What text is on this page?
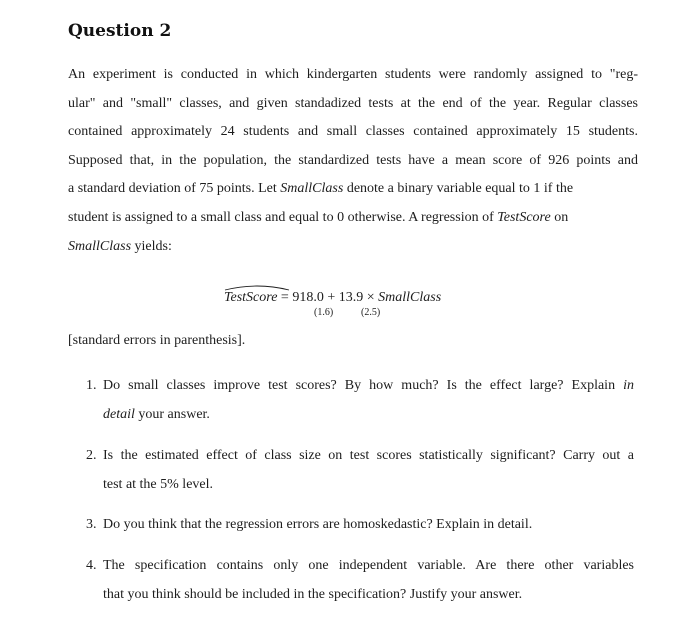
Question 2
An experiment is conducted in which kindergarten students were randomly assigned to "reg-
ular" and "small" classes, and given standadized tests at the end of the year. Regular classes
contained approximately 24 students and small classes contained approximately 15 students.
Supposed that, in the population, the standardized tests have a mean score of 926 points and
a standard deviation of 75 points. Let SmallClass denote a binary variable equal to 1 if the
student is assigned to a small class and equal to 0 otherwise. A regression of TestScore on
SmallClass yields:
TestScore = 918.0 + 13.9 × SmallClass
(1.6)	(2.5)
[standard errors in parenthesis].
1. Do small classes improve test scores? By how much? Is the effect large? Explain in
detail your answer.
2. Is the estimated effect of class size on test scores statistically significant? Carry out a
test at the 5% level.
3. Do you think that the regression errors are homoskedastic? Explain in detail.
4. The specification contains only one independent variable. Are there other variables
that you think should be included in the specification? Justify your answer.
